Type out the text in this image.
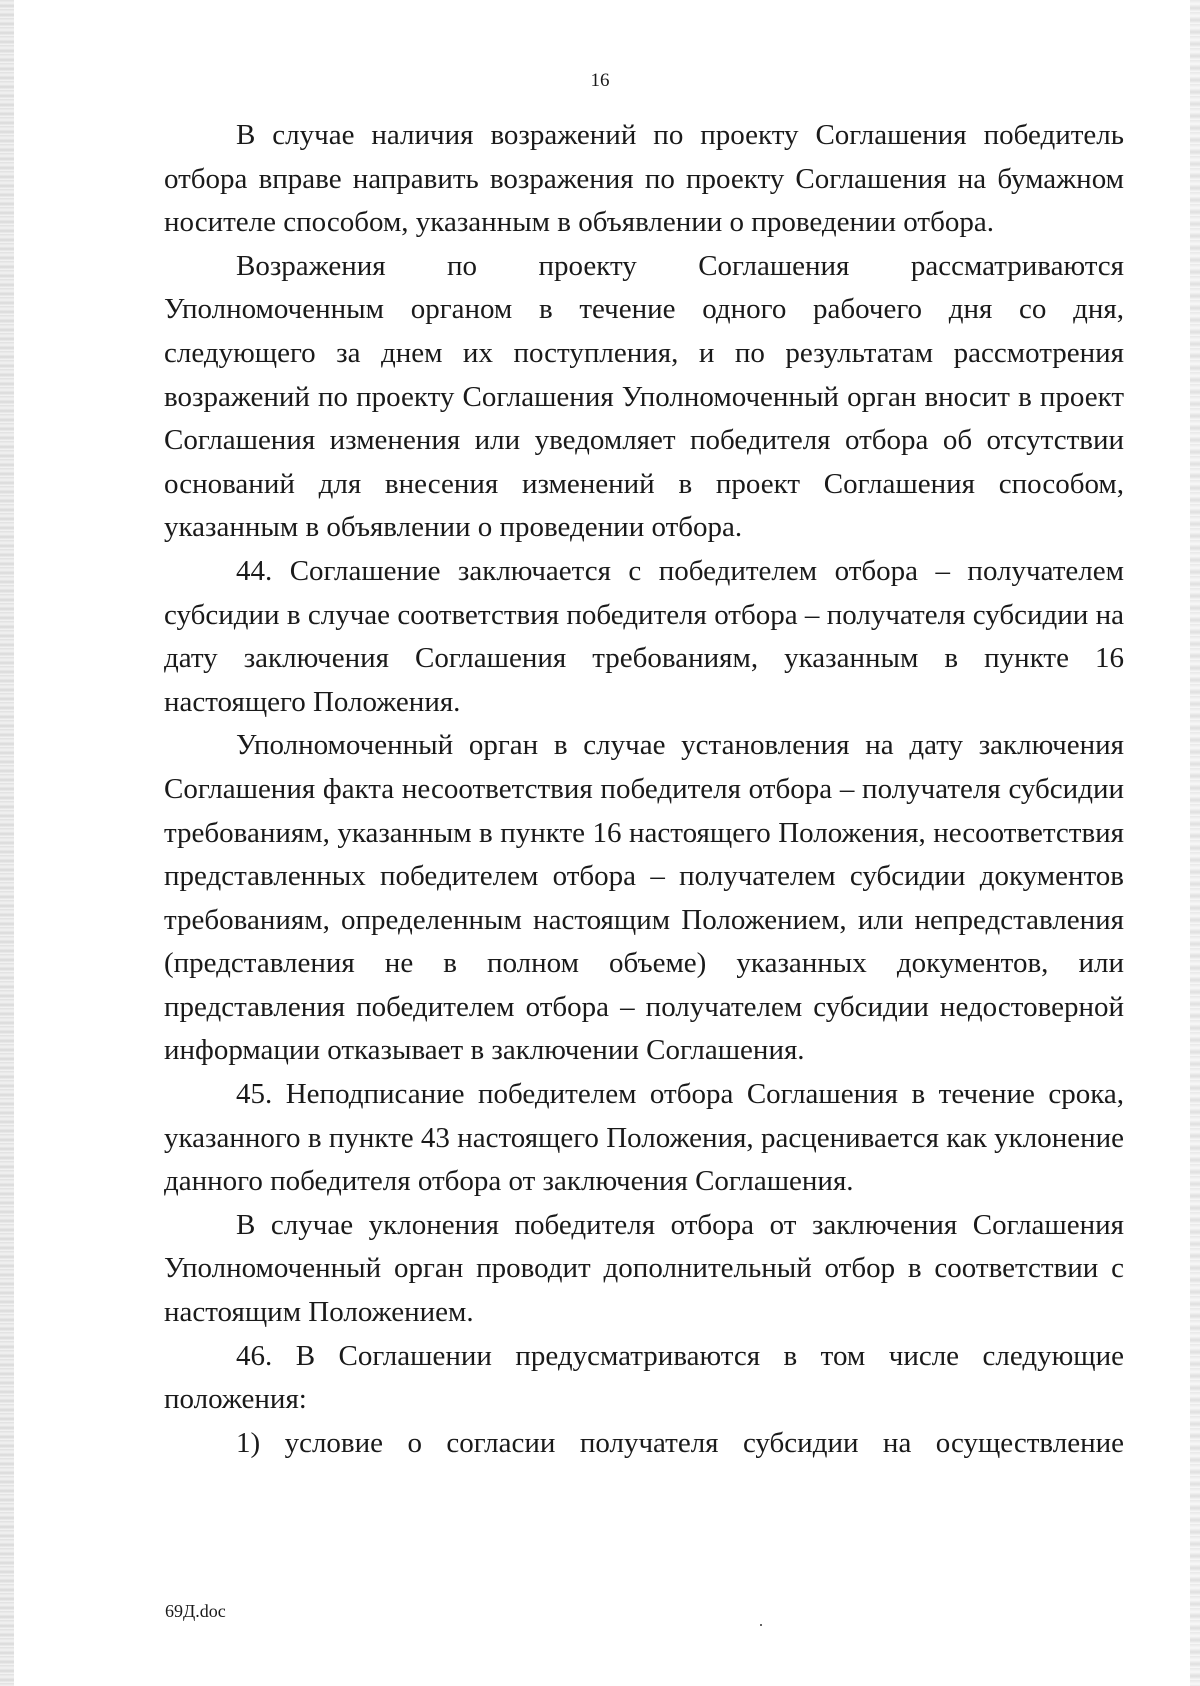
16

В случае наличия возражений по проекту Соглашения победитель отбора вправе направить возражения по проекту Соглашения на бумажном носителе способом, указанным в объявлении о проведении отбора.

Возражения по проекту Соглашения рассматриваются Уполномоченным органом в течение одного рабочего дня со дня, следующего за днем их поступления, и по результатам рассмотрения возражений по проекту Соглашения Уполномоченный орган вносит в проект Соглашения изменения или уведомляет победителя отбора об отсутствии оснований для внесения изменений в проект Соглашения способом, указанным в объявлении о проведении отбора.

44. Соглашение заключается с победителем отбора – получателем субсидии в случае соответствия победителя отбора – получателя субсидии на дату заключения Соглашения требованиям, указанным в пункте 16 настоящего Положения.

Уполномоченный орган в случае установления на дату заключения Соглашения факта несоответствия победителя отбора – получателя субсидии требованиям, указанным в пункте 16 настоящего Положения, несоответствия представленных победителем отбора – получателем субсидии документов требованиям, определенным настоящим Положением, или непредставления (представления не в полном объеме) указанных документов, или представления победителем отбора – получателем субсидии недостоверной информации отказывает в заключении Соглашения.

45. Неподписание победителем отбора Соглашения в течение срока, указанного в пункте 43 настоящего Положения, расценивается как уклонение данного победителя отбора от заключения Соглашения.

В случае уклонения победителя отбора от заключения Соглашения Уполномоченный орган проводит дополнительный отбор в соответствии с настоящим Положением.

46. В Соглашении предусматриваются в том числе следующие положения:

1) условие о согласии получателя субсидии на осуществление

69Д.doc
